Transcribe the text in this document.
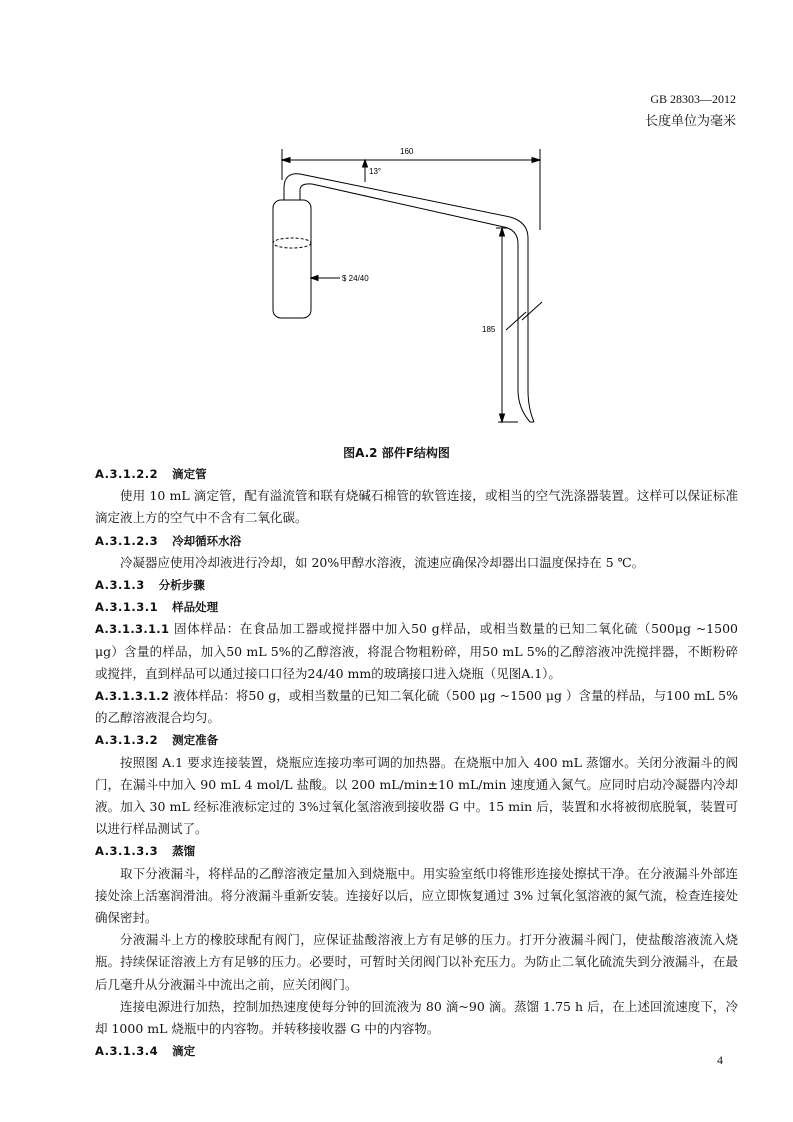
GB 28303—2012
长度单位为毫米
160
13°
$ 24/40
185
图A.2 部件F结构图

A.3.1.2.2 滴定管

使用 10 mL 滴定管，配有溢流管和联有烧碱石棉管的软管连接，或相当的空气洗涤器装置。这样可以保证标准滴定液上方的空气中不含有二氧化碳。

A.3.1.2.3 冷却循环水浴

冷凝器应使用冷却液进行冷却，如 20%甲醇水溶液，流速应确保冷却器出口温度保持在 5 ℃。

A.3.1.3 分析步骤

A.3.1.3.1 样品处理

A.3.1.3.1.1 固体样品：在食品加工器或搅拌器中加入50 g样品，或相当数量的已知二氧化硫（500μg ~1500 μg）含量的样品，加入50 mL 5%的乙醇溶液，将混合物粗粉碎，用50 mL 5%的乙醇溶液冲洗搅拌器，不断粉碎或搅拌，直到样品可以通过接口口径为24/40 mm的玻璃接口进入烧瓶（见图A.1）。

A.3.1.3.1.2 液体样品：将50 g，或相当数量的已知二氧化硫（500 μg ~1500 μg ）含量的样品，与100 mL 5%的乙醇溶液混合均匀。

A.3.1.3.2 测定准备

按照图 A.1 要求连接装置，烧瓶应连接功率可调的加热器。在烧瓶中加入 400 mL 蒸馏水。关闭分液漏斗的阀门，在漏斗中加入 90 mL 4 mol/L 盐酸。以 200 mL/min±10 mL/min 速度通入氮气。应同时启动冷凝器内冷却液。加入 30 mL 经标准液标定过的 3%过氧化氢溶液到接收器 G 中。15 min 后，装置和水将被彻底脱氧，装置可以进行样品测试了。

A.3.1.3.3 蒸馏

取下分液漏斗，将样品的乙醇溶液定量加入到烧瓶中。用实验室纸巾将锥形连接处擦拭干净。在分液漏斗外部连接处涂上活塞润滑油。将分液漏斗重新安装。连接好以后，应立即恢复通过 3% 过氧化氢溶液的氮气流，检查连接处确保密封。

分液漏斗上方的橡胶球配有阀门，应保证盐酸溶液上方有足够的压力。打开分液漏斗阀门，使盐酸溶液流入烧瓶。持续保证溶液上方有足够的压力。必要时，可暂时关闭阀门以补充压力。为防止二氧化硫流失到分液漏斗，在最后几毫升从分液漏斗中流出之前，应关闭阀门。

连接电源进行加热，控制加热速度使每分钟的回流液为 80 滴~90 滴。蒸馏 1.75 h 后，在上述回流速度下，冷却 1000 mL 烧瓶中的内容物。并转移接收器 G 中的内容物。

A.3.1.3.4 滴定

4
